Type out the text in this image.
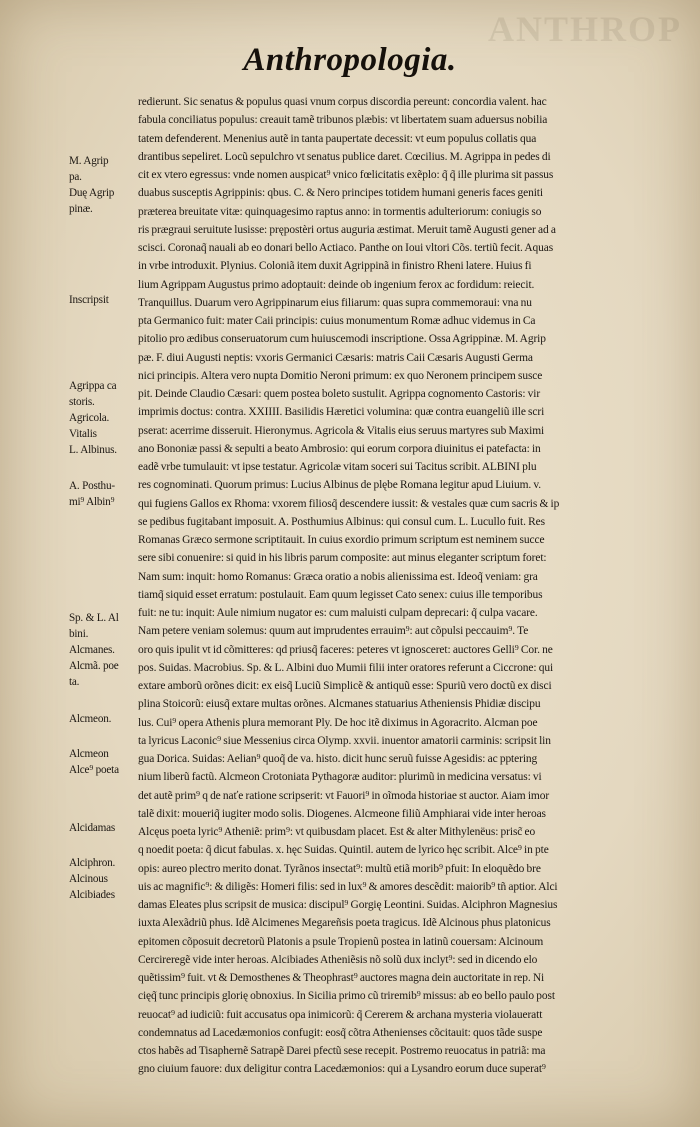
ANTHROP
Anthropologia.
M. Agrip
pa.
Duę Agrip
pinæ.
Inscripsit
Agrippa ca
storis.
Agricola.
Vitalis
L. Albinus.
A. Posthu-
mi⁹ Albin⁹
Sp. & L. Al
bini.
Alcmanes.
Alcmã. poe
ta.
Alcmeon.
Alcmeon
Alce⁹ poeta
Alcidamas
Alciphron.
Alcinous
Alcibiades
redierunt. Sic senatus & populus quasi vnum corpus discordia pereunt: concordia valent. hac
fabula conciliatus populus: creauit tamẽ tribunos plæbis: vt libertatem suam aduersus nobilia
tatem defenderent. Menenius autẽ in tanta paupertate decessit: vt eum populus collatis qua
drantibus sepeliret. Locũ sepulchro vt senatus publice daret. Cœcilius. M. Agrippa in pedes di
cit ex vtero egressus: vnde nomen auspicat⁹ vnico fœlicitatis exẽplo: q̃ q̃ ille plurima sit passus
duabus susceptis Agrippinis: qbus. C. & Nero principes totidem humani generis faces geniti
prætereа breuitate vitæ: quinquagesimo raptus anno: in tormentis adulteriorum: coniugis so
ris prægraui seruitute lusisse: prępostèri ortus auguria æstimat. Meruit tamẽ Augusti gener ad a
scisci. Coronaq̃ nauali ab eo donari bello Actiaco. Panthe on Ioui vltori Cõs. tertiũ fecit. Aquas
in vrbe introduxit. Plynius. Coloniã item duxit Agrippinã in finistro Rheni latere. Huius fi
lium Agrippam Augustus primo adoptauit: deinde ob ingenium ferox ac fordidum: reiecit.
Tranquillus. Duarum vero Agrippinarum eius filiarum: quas supra commemoraui: vna nu
pta Germanico fuit: mater Caii principis: cuius monumentum Romæ adhuc videmus in Ca
pitolio pro ædibus conseruatorum cum huiuscemodi inscriptione. Ossa Agrippinæ. M. Agrip
pæ. F. diui Augusti neptis: vxoris Germanici Cæsaris: matris Caii Cæsaris Augusti Germa
nici principis. Altera vero nupta Domitio Neroni primum: ex quo Neronem principem susce
pit. Deinde Claudio Cæsari: quem postea boleto sustulit. Agrippa cognomento Castoris: vir
imprimis doctus: contra. XXIIII. Basilidis Hæretici volumina: quæ contra euangeliũ ille scri
pserat: acerrime disseruit. Hieronymus. Agricola & Vitalis eius seruus martyres sub Maximi
ano Bononiæ passi & sepulti a beato Ambrosio: qui eorum corpora diuinitus ei patefacta: in
eadẽ vrbe tumulauit: vt ipse testatur. Agricolæ vitam soceri sui Tacitus scribit. ALBINI plu
res cognominati. Quorum primus: Lucius Albinus de plębe Romana legitur apud Liuium. v.
qui fugiens Gallos ex Rhoma: vxorem filiosq̃ descendere iussit: & vestales quæ cum sacris & ip
se pedibus fugitabant imposuit. A. Posthumius Albinus: qui consul cum. L. Lucullo fuit. Res
Romanas Græco sermone scriptitauit. In cuius exordio primum scriptum est neminem succe
sere sibi conuenire: si quid in his libris parum composite: aut minus eleganter scriptum foret:
Nam sum: inquit: homo Romanus: Græca oratio a nobis alienissima est. Ideoq̃ veniam: gra
tiamq̃ siquid esset erratum: postulauit. Eam quum legisset Cato senex: cuius ille temporibus
fuit: ne tu: inquit: Aule nimium nugator es: cum maluisti culpam deprecari: q̃ culpa vacare.
Nam petere veniam solemus: quum aut imprudentes errauim⁹: aut cõpulsi peccauim⁹. Te
oro quis ipulit vt id cõmitteres: qd priusq̃ faceres: peteres vt ignosceret: auctores Gelli⁹ Cor. ne
pos. Suidas. Macrobius. Sp. & L. Albini duo Mumii filii inter oratores referunt a Ciccrone: qui
extare amborũ orõnes dicit: ex eisq̃ Luciũ Simplicẽ & antiquũ esse: Spuriũ vero doctũ ex disci
plina Stoicorũ: eiusq̃ extare multas orõnes. Alcmanes statuarius Atheniensis Phidiæ discipu
lus. Cui⁹ opera Athenis plura memorant Ply. De hoc itẽ diximus in Agoracrito. Alcman poe
ta lyricus Laconic⁹ siue Messenius circa Olymp. xxvii. inuentor amatorii carminis: scripsit lin
gua Dorica. Suidas: Aelian⁹ quoq̃ de va. histo. dicit hunc seruũ fuisse Agesidis: ac pptering
nium liberũ factũ. Alcmeon Crotoniata Pythagoræ auditor: plurimũ in medicina versatus: vi
det autẽ prim⁹ q de naťe ratione scripserit: vt Fauori⁹ in oĩmoda historiae st auctor. Aiam imor
talẽ dixit: moueriq̃ iugiter modo solis. Diogenes. Alcmeone filiũ Amphiarai vide inter heroas
Alcęus poeta lyric⁹ Atheniẽ: prim⁹: vt quibusdam placet. Est & alter Mithylenëus: prisc̃ eo
q noedit poeta: q̃ dicut fabulas. x. hęc Suidas. Quintil. autem de lyrico hęc scribit. Alce⁹ in pte
opis: aureo plectro merito donat. Tyrãnos insectat⁹: multũ etiã morib⁹ pfuit: In eloquẽdo bre
uis ac magnific⁹: & diligẽs: Homeri filis: sed in lux⁹ & amores descẽdit: maiorib⁹ tñ aptior. Alci
damas Eleates plus scripsit de musica: discipul⁹ Gorgię Leontini. Suidas. Alciphron Magnesius
iuxta Alexãdriũ phus. Idẽ Alcimenes Megareñsis poeta tragicus. Idẽ Alcinous phus platonicus
epitomen cõposuit decretorũ Platonis a psule Tropienũ postea in latinũ couersam: Alcinoum
Cercireregẽ vide inter heroas. Alcibiades Atheniẽsis nõ solũ dux inclyt⁹: sed in dicendo elo
quẽtissim⁹ fuit. vt & Demosthenes & Theophrast⁹ auctores magna dein auctoritate in rep. Ni
cięq̃ tunc principis glorię obnoxius. In Sicilia primo cũ triremib⁹ missus: ab eo bello paulo post
reuocat⁹ ad iudiciũ: fuit accusatus opa inimicorũ: q̃ Cererem & archana mysteria violaueratt
condemnatus ad Lacedæmonios confugit: eosq̃ cõtra Athenienses cõcitauit: quos tãde suspe
ctos habẽs ad Tisaphernẽ Satrapẽ Darei pfectũ sese recepit. Postremo reuocatus in patriã: ma
gno ciuium fauore: dux deligitur contra Lacedæmonios: qui a Lysandro eorum duce superat⁹
